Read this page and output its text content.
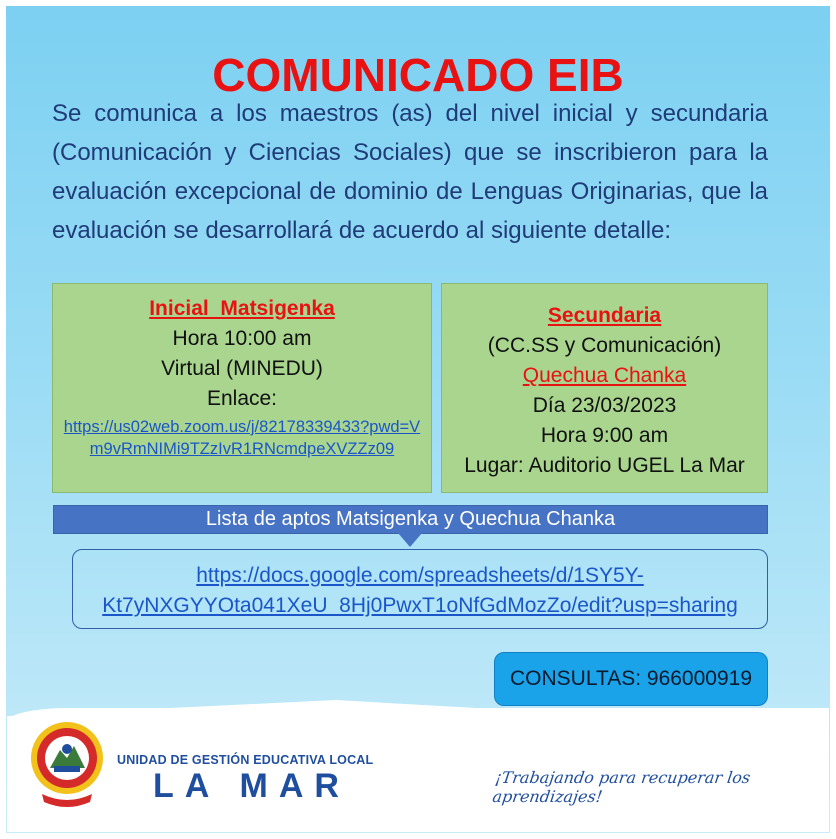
COMUNICADO EIB

Se comunica a los maestros (as) del nivel inicial y secundaria (Comunicación y Ciencias Sociales) que se inscribieron para la evaluación excepcional de dominio de Lenguas Originarias, que la evaluación se desarrollará de acuerdo al siguiente detalle:

Inicial  Matsigenka
Hora 10:00 am
Virtual (MINEDU)
Enlace:
https://us02web.zoom.us/j/82178339433?pwd=Vm9vRmNIMi9TZzIvR1RNcmdpeXVZZz09
Secundaria
(CC.SS y Comunicación)
Quechua Chanka
Día 23/03/2023
Hora 9:00 am
Lugar: Auditorio UGEL La Mar
Lista de aptos Matsigenka y Quechua Chanka
https://docs.google.com/spreadsheets/d/1SY5Y-
Kt7yNXGYYOta041XeU_8Hj0PwxT1oNfGdMozZo/edit?usp=sharing
CONSULTAS: 966000919
UNIDAD DE GESTIÓN EDUCATIVA LOCAL
LA MAR	¡Trabajando para recuperar los aprendizajes!
